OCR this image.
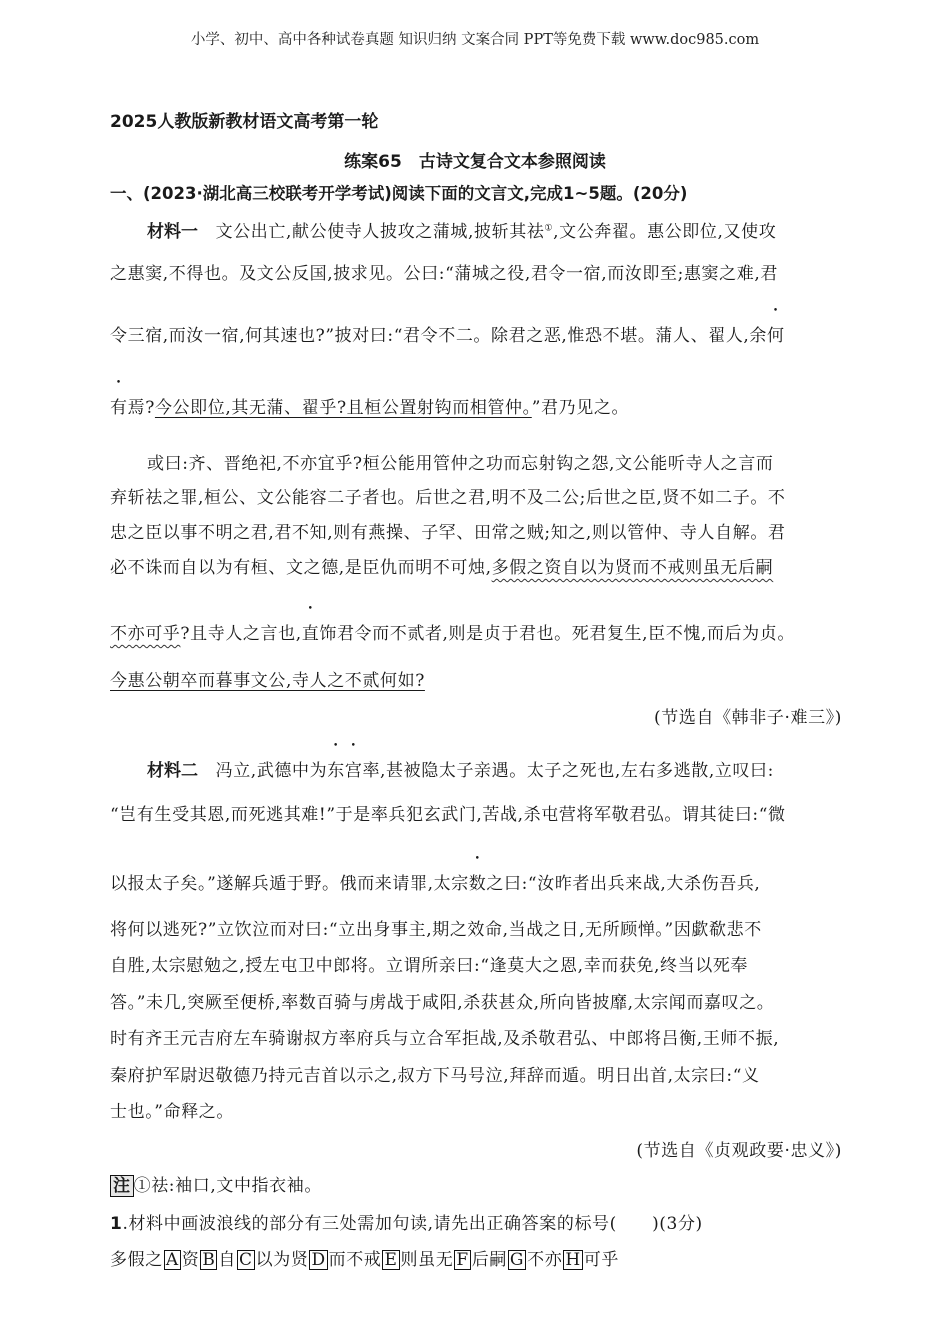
小学、初中、高中各种试卷真题 知识归纳 文案合同 PPT等免费下载 www.doc985.com
2025人教版新教材语文高考第一轮
练案65　古诗文复合文本参照阅读
一、(2023·湖北高三校联考开学考试)阅读下面的文言文,完成1~5题。(20分)
材料一　 文公出亡,献公使寺人披攻之蒲城,披斩其祛①,文公奔翟。惠公即位,又使攻
之惠窦,不得也。及文公反国,披求见。公曰:“蒲城之役,君令一宿,而汝即至;惠窦之难,君
令三宿,而汝一宿,何其速也?”披对曰:“君令不二。除君之恶,惟恐不堪。蒲人、翟人,余何
有焉?今公即位,其无蒲、翟乎?且桓公置射钩而相管仲。”君乃见之。
或曰:齐、晋绝祀,不亦宜乎?桓公能用管仲之功而忘射钩之怨,文公能听寺人之言而
弃斩祛之罪,桓公、文公能容二子者也。后世之君,明不及二公;后世之臣,贤不如二子。不
忠之臣以事不明之君,君不知,则有燕操、子罕、田常之贼;知之,则以管仲、寺人自解。君
必不诛而自以为有桓、文之德,是臣仇而明不可烛,多假之资自以为贤而不戒则虽无后嗣
不亦可乎?且寺人之言也,直饰君令而不贰者,则是贞于君也。死君复生,臣不愧,而后为贞。
今惠公朝卒而暮事文公,寺人之不贰何如?
(节选自《韩非子·难三》)
材料二　 冯立,武德中为东宫率,甚被隐太子亲遇。太子之死也,左右多逃散,立叹曰:
“岂有生受其恩,而死逃其难!”于是率兵犯玄武门,苦战,杀屯营将军敬君弘。谓其徒曰:“微
以报太子矣。”遂解兵遁于野。俄而来请罪,太宗数之曰:“汝昨者出兵来战,大杀伤吾兵,
将何以逃死?”立饮泣而对曰:“立出身事主,期之效命,当战之日,无所顾惮。”因歔欷悲不
自胜,太宗慰勉之,授左屯卫中郎将。立谓所亲曰:“逢莫大之恩,幸而获免,终当以死奉
答。”未几,突厥至便桥,率数百骑与虏战于咸阳,杀获甚众,所向皆披靡,太宗闻而嘉叹之。
时有齐王元吉府左车骑谢叔方率府兵与立合军拒战,及杀敬君弘、中郎将吕衡,王师不振,
秦府护军尉迟敬德乃持元吉首以示之,叔方下马号泣,拜辞而遁。明日出首,太宗曰:“义
士也。”命释之。
(节选自《贞观政要·忠义》)
注 ①祛:袖口,文中指衣袖。
1.材料中画波浪线的部分有三处需加句读,请先出正确答案的标号(　　)(3分)
多假之 A 资 B 自 C 以为贤 D 而不戒 E 则虽无 F 后嗣 G 不亦 H 可乎
